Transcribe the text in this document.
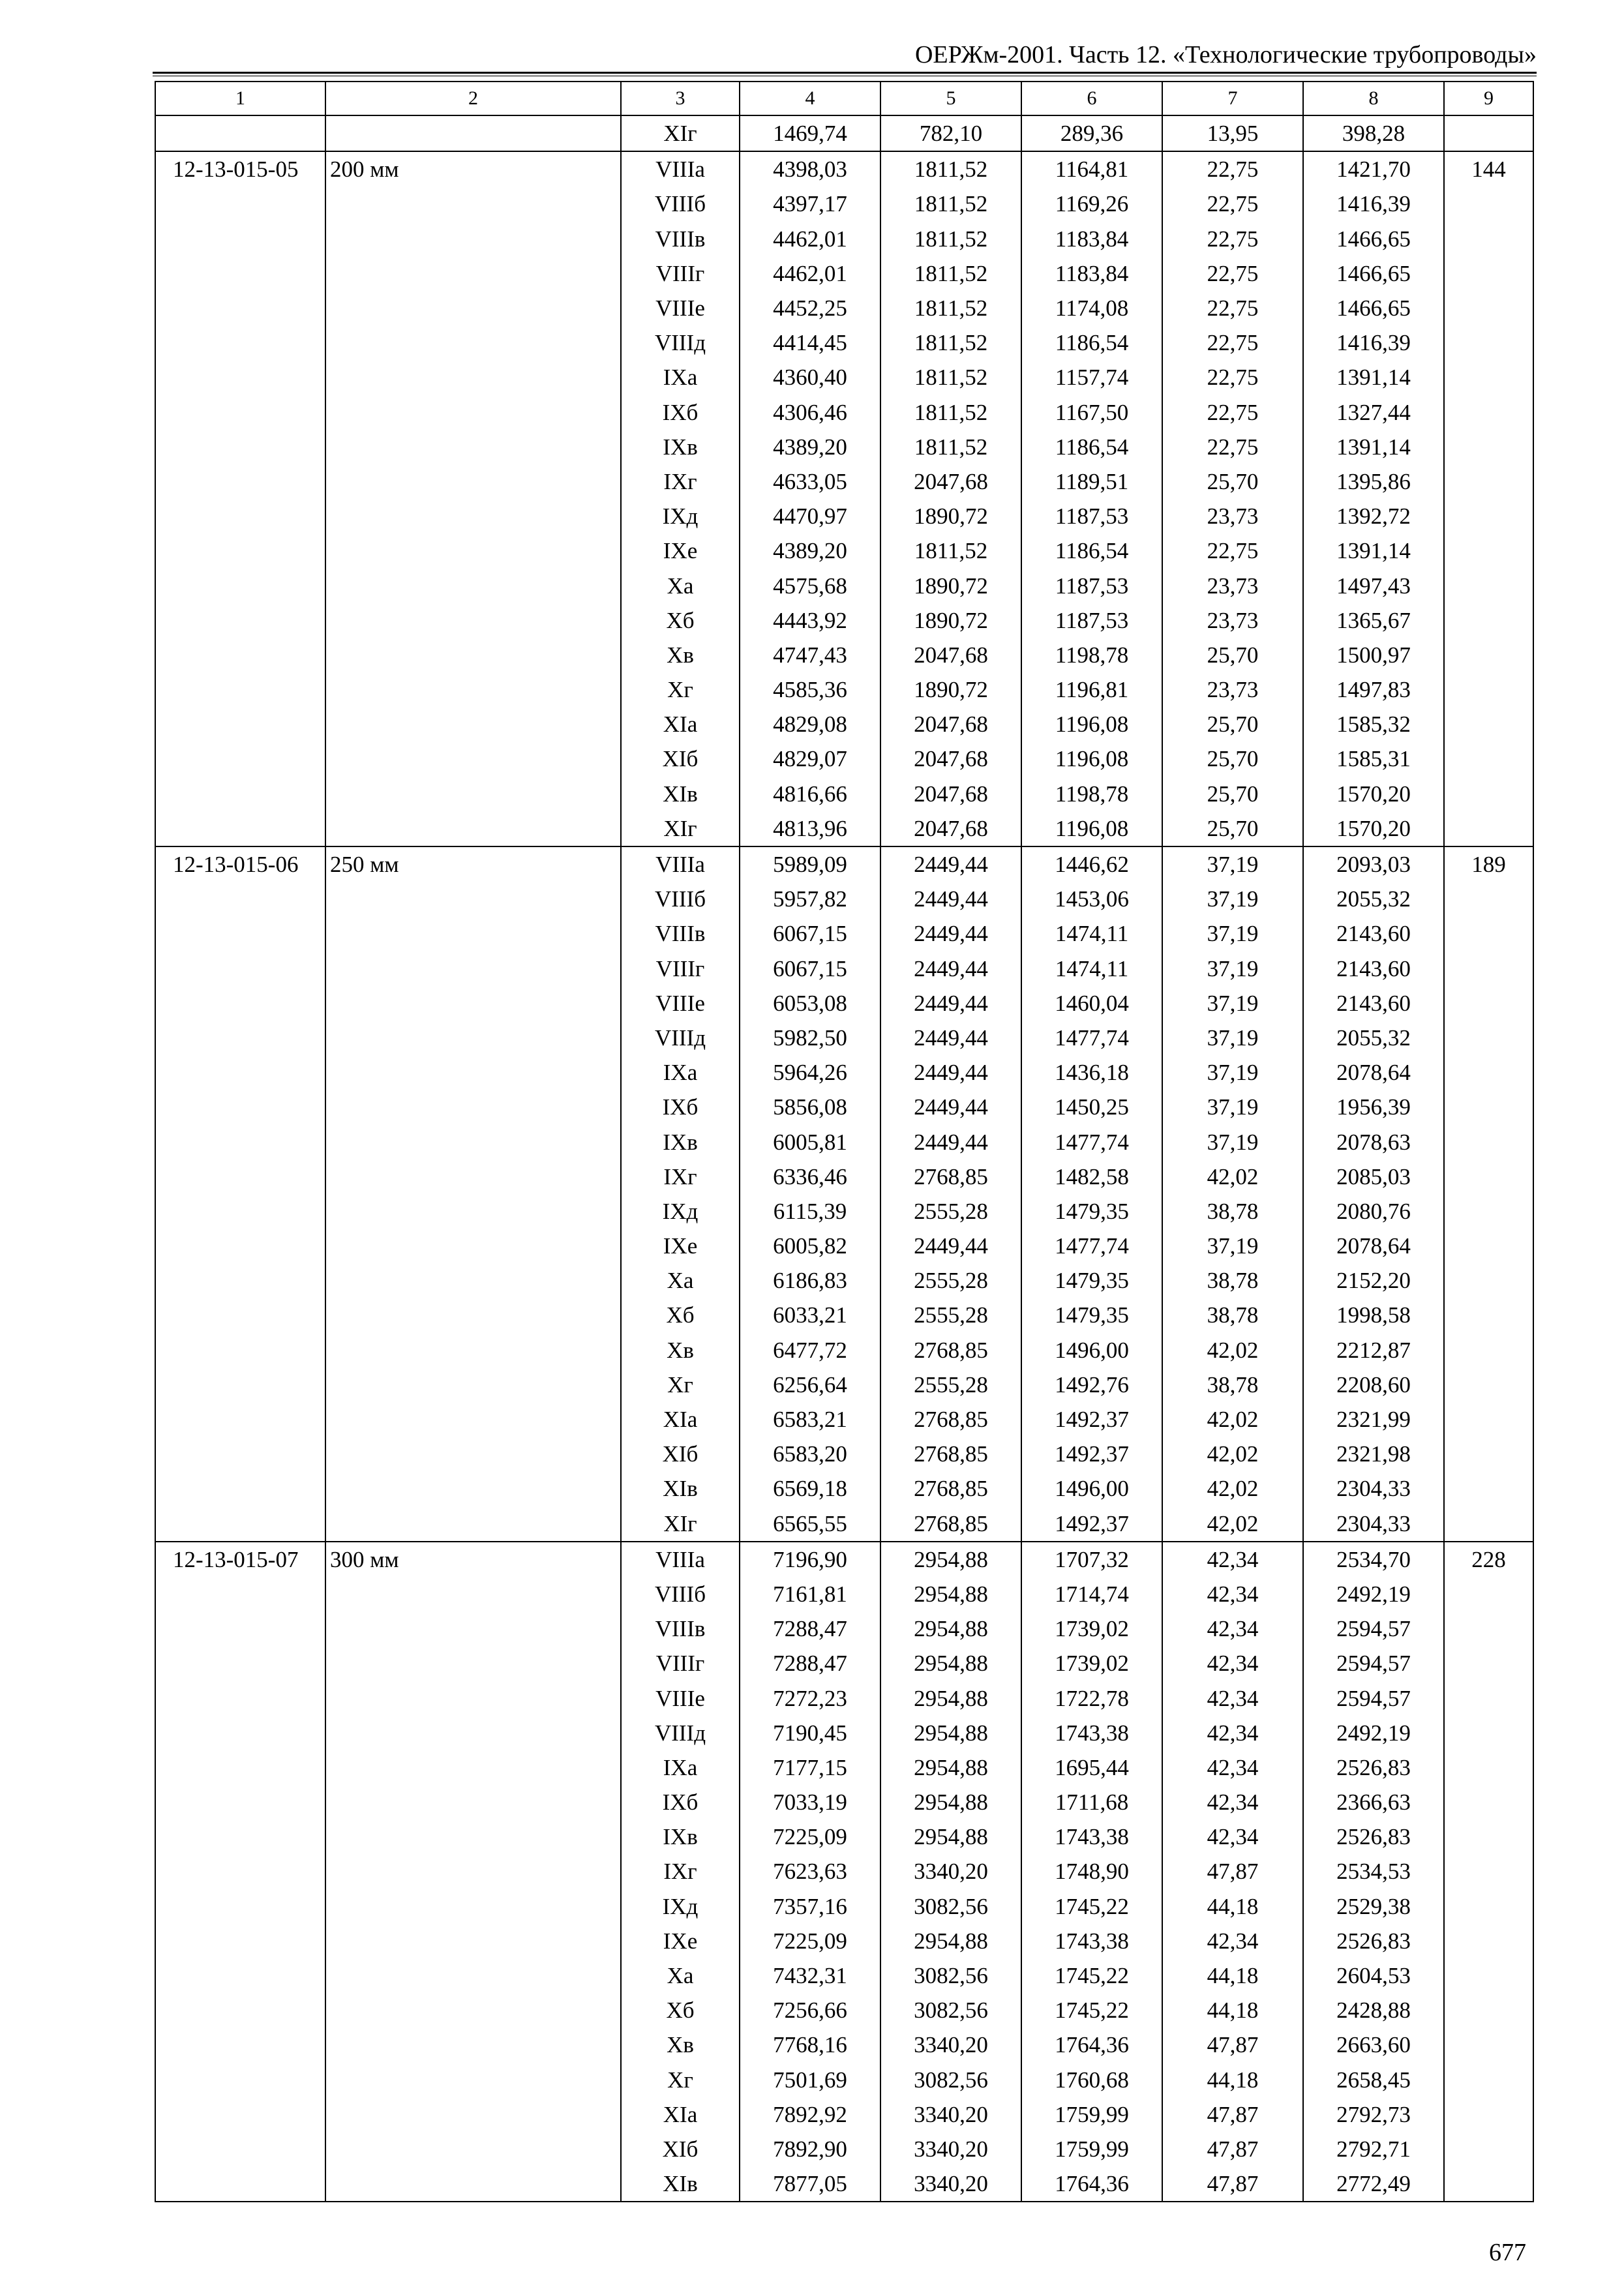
ОЕРЖм-2001. Часть 12. «Технологические трубопроводы»
1	2	3	4	5	6	7	8	9
		XIг	1469,74	782,10	289,36	13,95	398,28	
12-13-015-05	200 мм	VIIIа	4398,03	1811,52	1164,81	22,75	1421,70	144
		VIIIб	4397,17	1811,52	1169,26	22,75	1416,39	
		VIIIв	4462,01	1811,52	1183,84	22,75	1466,65	
		VIIIг	4462,01	1811,52	1183,84	22,75	1466,65	
		VIIIе	4452,25	1811,52	1174,08	22,75	1466,65	
		VIIIд	4414,45	1811,52	1186,54	22,75	1416,39	
		IXа	4360,40	1811,52	1157,74	22,75	1391,14	
		IXб	4306,46	1811,52	1167,50	22,75	1327,44	
		IXв	4389,20	1811,52	1186,54	22,75	1391,14	
		IXг	4633,05	2047,68	1189,51	25,70	1395,86	
		IXд	4470,97	1890,72	1187,53	23,73	1392,72	
		IXе	4389,20	1811,52	1186,54	22,75	1391,14	
		Xа	4575,68	1890,72	1187,53	23,73	1497,43	
		Xб	4443,92	1890,72	1187,53	23,73	1365,67	
		Xв	4747,43	2047,68	1198,78	25,70	1500,97	
		Xг	4585,36	1890,72	1196,81	23,73	1497,83	
		XIа	4829,08	2047,68	1196,08	25,70	1585,32	
		XIб	4829,07	2047,68	1196,08	25,70	1585,31	
		XIв	4816,66	2047,68	1198,78	25,70	1570,20	
		XIг	4813,96	2047,68	1196,08	25,70	1570,20	
12-13-015-06	250 мм	VIIIа	5989,09	2449,44	1446,62	37,19	2093,03	189
		VIIIб	5957,82	2449,44	1453,06	37,19	2055,32	
		VIIIв	6067,15	2449,44	1474,11	37,19	2143,60	
		VIIIг	6067,15	2449,44	1474,11	37,19	2143,60	
		VIIIе	6053,08	2449,44	1460,04	37,19	2143,60	
		VIIIд	5982,50	2449,44	1477,74	37,19	2055,32	
		IXа	5964,26	2449,44	1436,18	37,19	2078,64	
		IXб	5856,08	2449,44	1450,25	37,19	1956,39	
		IXв	6005,81	2449,44	1477,74	37,19	2078,63	
		IXг	6336,46	2768,85	1482,58	42,02	2085,03	
		IXд	6115,39	2555,28	1479,35	38,78	2080,76	
		IXе	6005,82	2449,44	1477,74	37,19	2078,64	
		Xа	6186,83	2555,28	1479,35	38,78	2152,20	
		Xб	6033,21	2555,28	1479,35	38,78	1998,58	
		Xв	6477,72	2768,85	1496,00	42,02	2212,87	
		Xг	6256,64	2555,28	1492,76	38,78	2208,60	
		XIа	6583,21	2768,85	1492,37	42,02	2321,99	
		XIб	6583,20	2768,85	1492,37	42,02	2321,98	
		XIв	6569,18	2768,85	1496,00	42,02	2304,33	
		XIг	6565,55	2768,85	1492,37	42,02	2304,33	
12-13-015-07	300 мм	VIIIа	7196,90	2954,88	1707,32	42,34	2534,70	228
		VIIIб	7161,81	2954,88	1714,74	42,34	2492,19	
		VIIIв	7288,47	2954,88	1739,02	42,34	2594,57	
		VIIIг	7288,47	2954,88	1739,02	42,34	2594,57	
		VIIIе	7272,23	2954,88	1722,78	42,34	2594,57	
		VIIIд	7190,45	2954,88	1743,38	42,34	2492,19	
		IXа	7177,15	2954,88	1695,44	42,34	2526,83	
		IXб	7033,19	2954,88	1711,68	42,34	2366,63	
		IXв	7225,09	2954,88	1743,38	42,34	2526,83	
		IXг	7623,63	3340,20	1748,90	47,87	2534,53	
		IXд	7357,16	3082,56	1745,22	44,18	2529,38	
		IXе	7225,09	2954,88	1743,38	42,34	2526,83	
		Xа	7432,31	3082,56	1745,22	44,18	2604,53	
		Xб	7256,66	3082,56	1745,22	44,18	2428,88	
		Xв	7768,16	3340,20	1764,36	47,87	2663,60	
		Xг	7501,69	3082,56	1760,68	44,18	2658,45	
		XIа	7892,92	3340,20	1759,99	47,87	2792,73	
		XIб	7892,90	3340,20	1759,99	47,87	2792,71	
		XIв	7877,05	3340,20	1764,36	47,87	2772,49	
677
